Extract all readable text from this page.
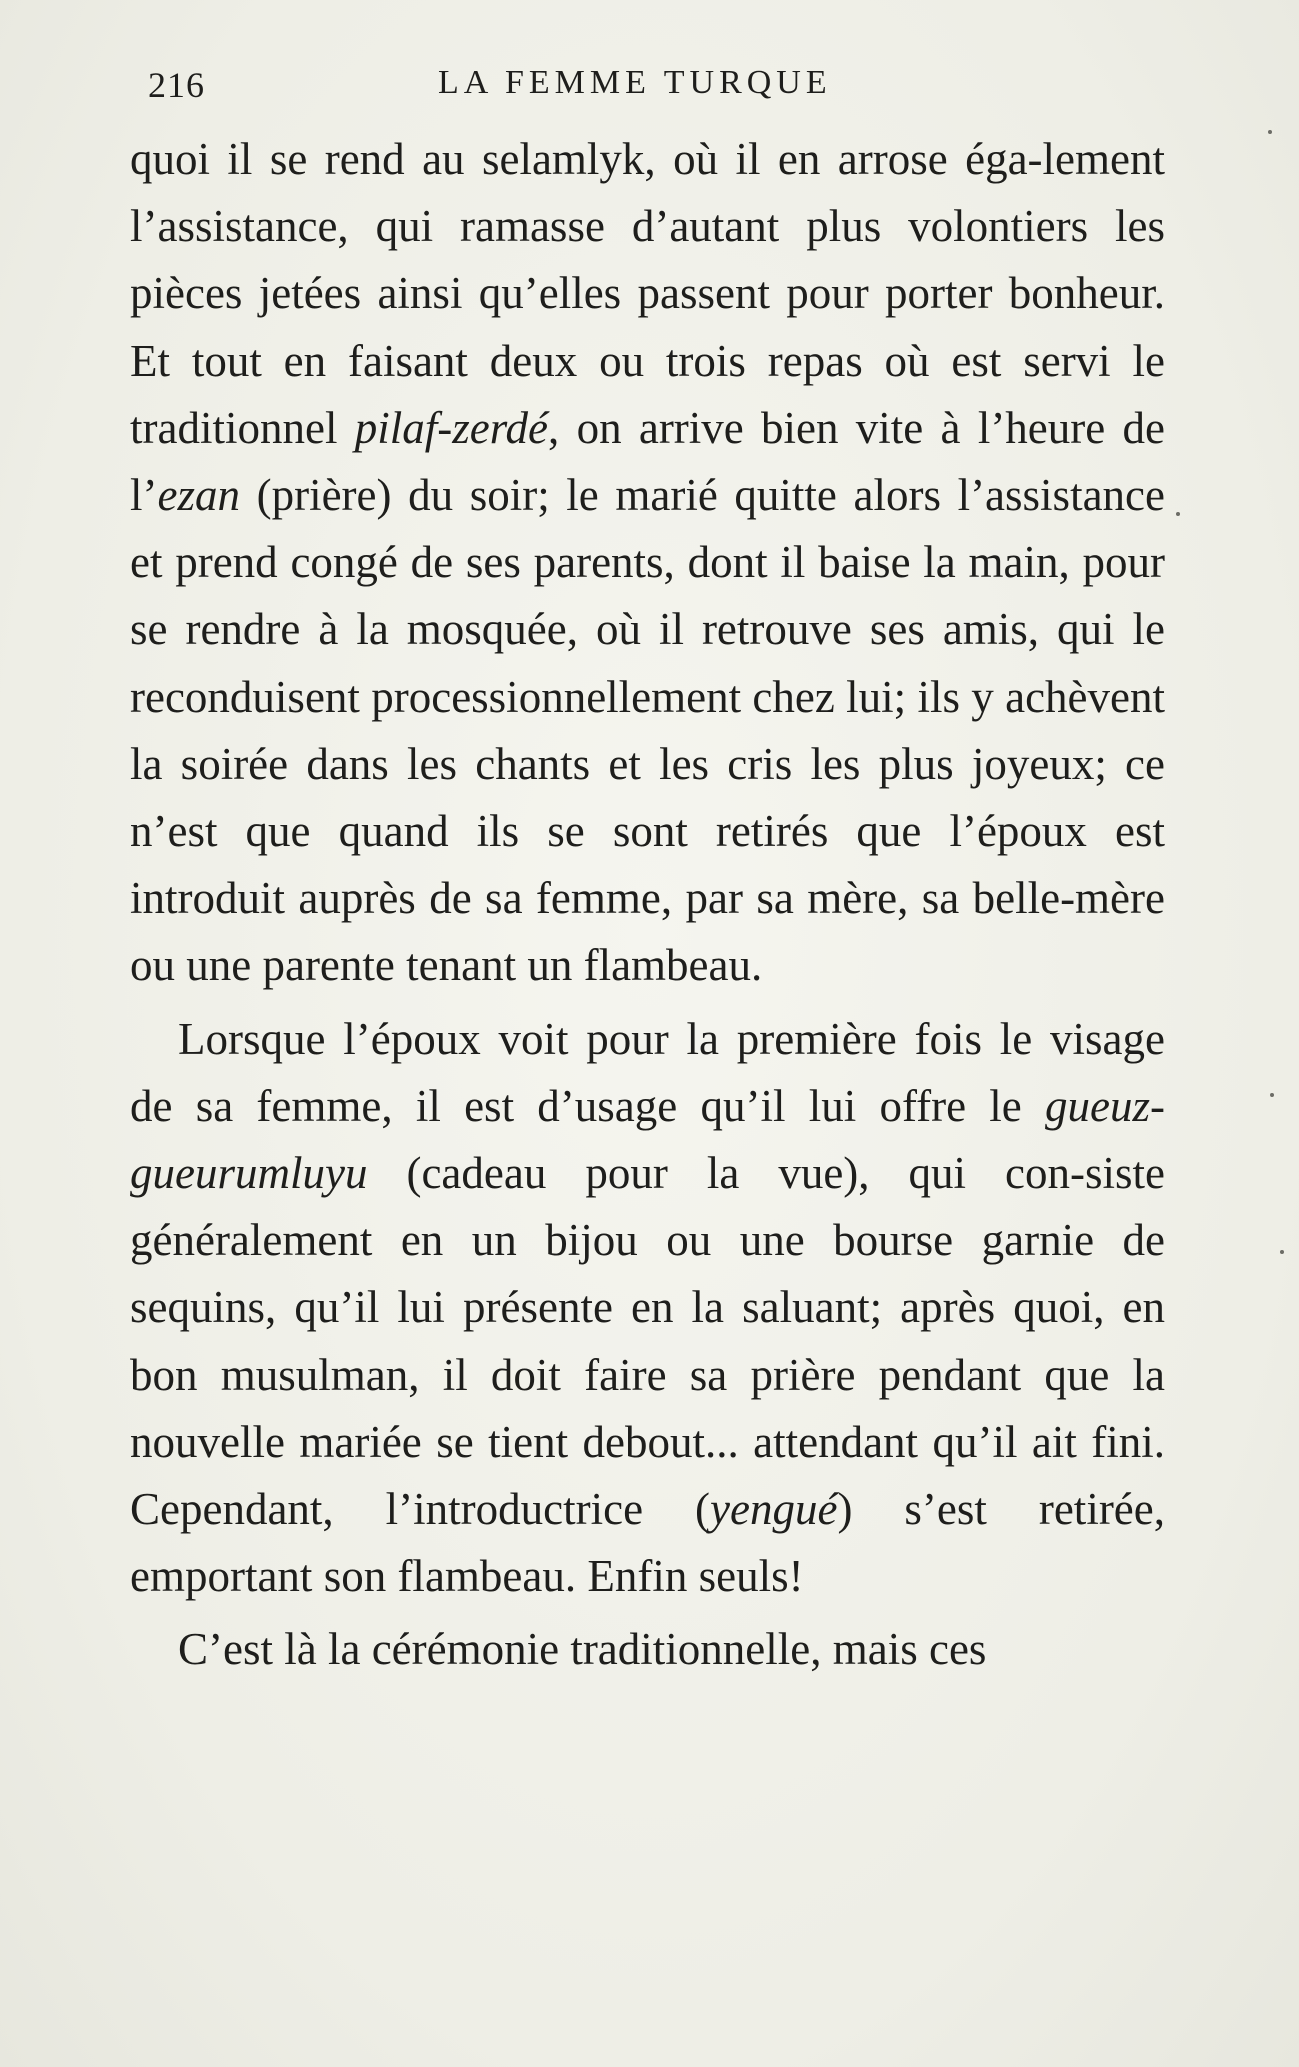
216	LA FEMME TURQUE

quoi il se rend au selamlyk, où il en arrose éga-lement l’assistance, qui ramasse d’autant plus volontiers les pièces jetées ainsi qu’elles passent pour porter bonheur. Et tout en faisant deux ou trois repas où est servi le traditionnel pilaf-zerdé, on arrive bien vite à l’heure de l’ezan (prière) du soir; le marié quitte alors l’assistance et prend congé de ses parents, dont il baise la main, pour se rendre à la mosquée, où il retrouve ses amis, qui le reconduisent processionnellement chez lui; ils y achèvent la soirée dans les chants et les cris les plus joyeux; ce n’est que quand ils se sont retirés que l’époux est introduit auprès de sa femme, par sa mère, sa belle-mère ou une parente tenant un flambeau.

Lorsque l’époux voit pour la première fois le visage de sa femme, il est d’usage qu’il lui offre le gueuz-gueurumluyu (cadeau pour la vue), qui con-siste généralement en un bijou ou une bourse garnie de sequins, qu’il lui présente en la saluant; après quoi, en bon musulman, il doit faire sa prière pendant que la nouvelle mariée se tient debout... attendant qu’il ait fini. Cependant, l’introductrice (yengué) s’est retirée, emportant son flambeau. Enfin seuls!

C’est là la cérémonie traditionnelle, mais ces
